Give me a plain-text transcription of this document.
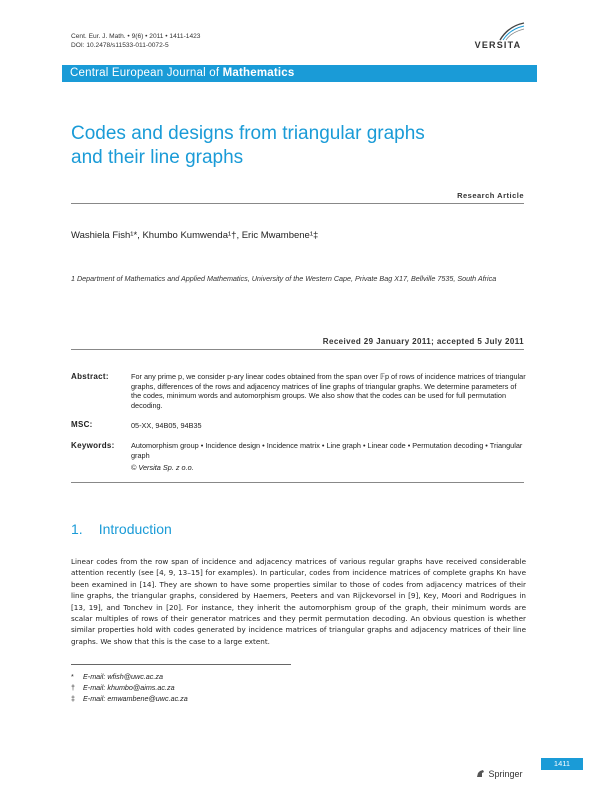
Cent. Eur. J. Math. • 9(6) • 2011 • 1411-1423
DOI: 10.2478/s11533-011-0072-5	VERSITA
Central European Journal of Mathematics
Codes and designs from triangular graphs
and their line graphs
Research Article
Washiela Fish¹*, Khumbo Kumwenda¹†, Eric Mwambene¹‡
1 Department of Mathematics and Applied Mathematics, University of the Western Cape, Private Bag X17, Bellville 7535, South Africa
Received 29 January 2011; accepted 5 July 2011
Abstract:	For any prime p, we consider p-ary linear codes obtained from the span over 𝔽p of rows of incidence matrices of triangular graphs, differences of the rows and adjacency matrices of line graphs of triangular graphs. We determine parameters of the codes, minimum words and automorphism groups. We also show that the codes can be used for full permutation decoding.
MSC:	05-XX, 94B05, 94B35
Keywords: Automorphism group • Incidence design • Incidence matrix • Line graph • Linear code • Permutation decoding • Triangular graph
© Versita Sp. z o.o.
1. Introduction
Linear codes from the row span of incidence and adjacency matrices of various regular graphs have received considerable attention recently (see [4, 9, 13–15] for examples). In particular, codes from incidence matrices of complete graphs Kn have been examined in [14]. They are shown to have some properties similar to those of codes from adjacency matrices of their line graphs, the triangular graphs, considered by Haemers, Peeters and van Rijckevorsel in [9], Key, Moori and Rodrigues in [13, 19], and Tonchev in [20]. For instance, they inherit the automorphism group of the graph, their minimum words are scalar multiples of rows of their generator matrices and they permit permutation decoding. An obvious question is whether similar properties hold with codes generated by incidence matrices of triangular graphs and adjacency matrices of their line graphs. We show that this is the case to a large extent.
* E-mail: wfish@uwc.ac.za
† E-mail: khumbo@aims.ac.za
‡ E-mail: emwambene@uwc.ac.za
1411
Springer
